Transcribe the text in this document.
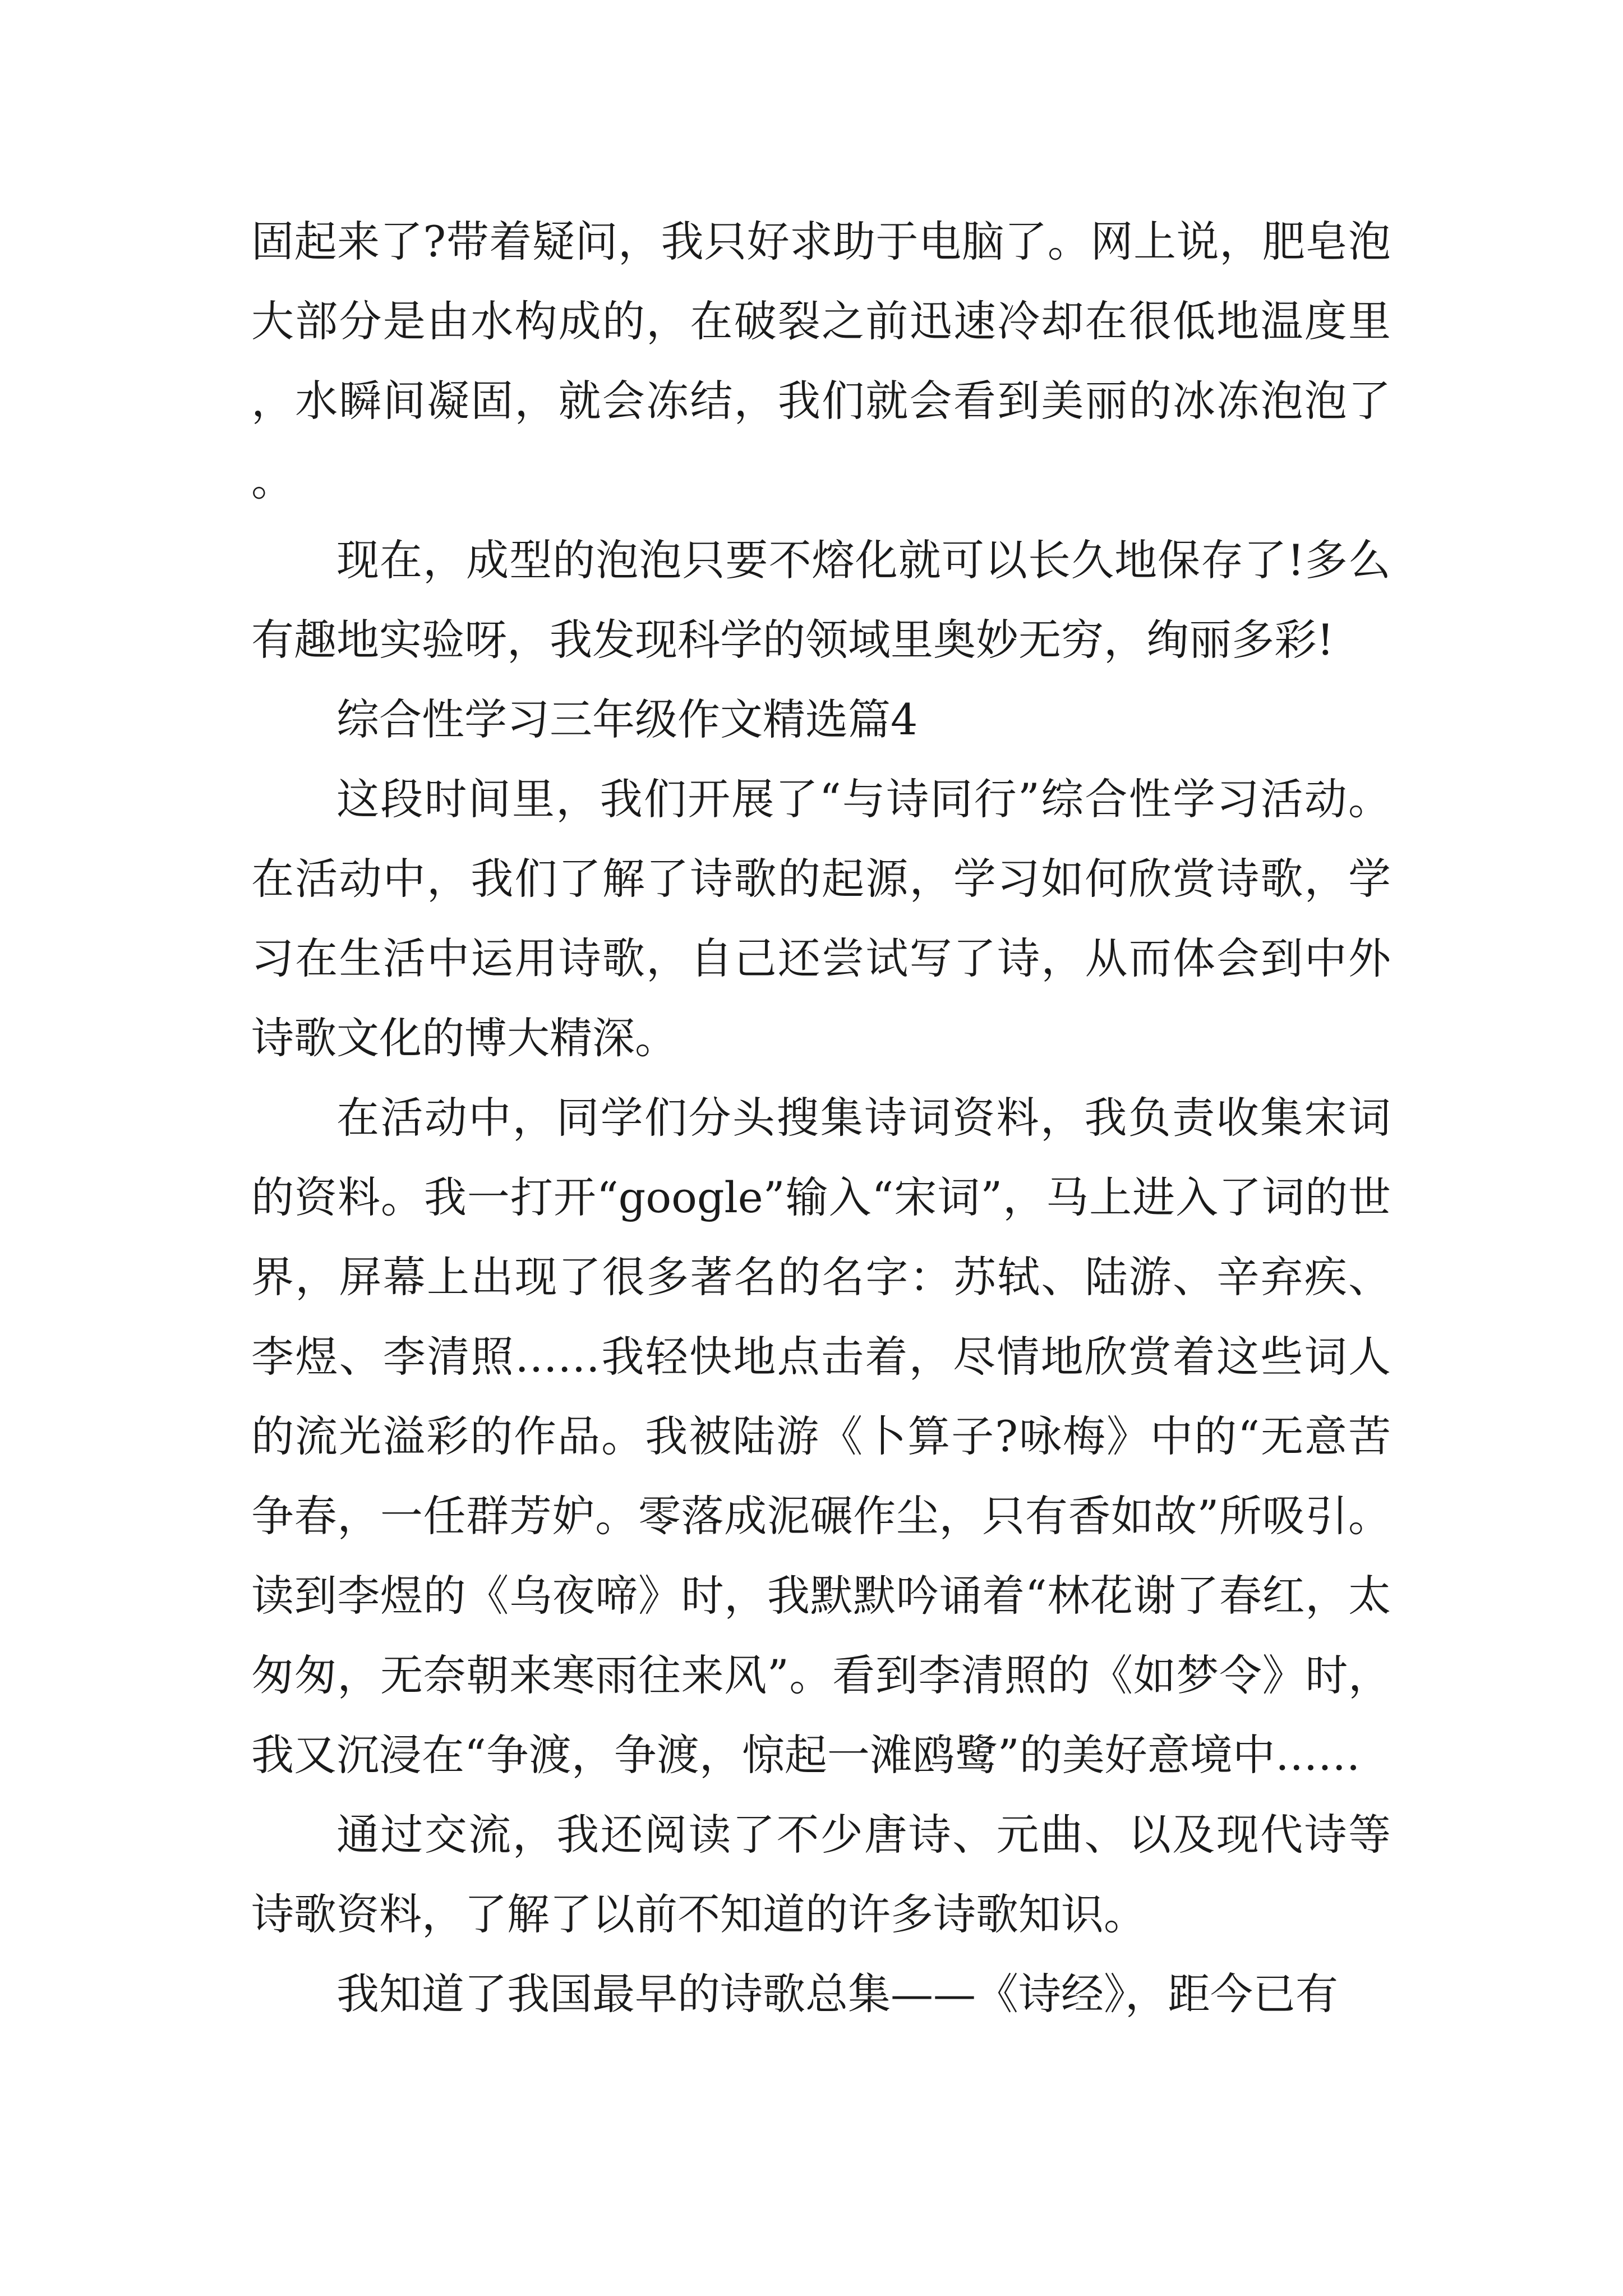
固起来了?带着疑问，我只好求助于电脑了。网上说，肥皂泡大部分是由水构成的，在破裂之前迅速冷却在很低地温度里，水瞬间凝固，就会冻结，我们就会看到美丽的冰冻泡泡了。

现在，成型的泡泡只要不熔化就可以长久地保存了!多么有趣地实验呀，我发现科学的领域里奥妙无穷，绚丽多彩!

综合性学习三年级作文精选篇4

这段时间里，我们开展了“与诗同行”综合性学习活动。在活动中，我们了解了诗歌的起源，学习如何欣赏诗歌，学习在生活中运用诗歌，自己还尝试写了诗，从而体会到中外诗歌文化的博大精深。

在活动中，同学们分头搜集诗词资料，我负责收集宋词的资料。我一打开“google”输入“宋词”，马上进入了词的世界，屏幕上出现了很多著名的名字：苏轼、陆游、辛弃疾、李煜、李清照……我轻快地点击着，尽情地欣赏着这些词人的流光溢彩的作品。我被陆游《卜算子?咏梅》中的“无意苦争春，一任群芳妒。零落成泥碾作尘，只有香如故”所吸引。读到李煜的《乌夜啼》时，我默默吟诵着“林花谢了春红，太匆匆，无奈朝来寒雨往来风”。看到李清照的《如梦令》时，我又沉浸在“争渡，争渡，惊起一滩鸥鹭”的美好意境中……

通过交流，我还阅读了不少唐诗、元曲、以及现代诗等诗歌资料，了解了以前不知道的许多诗歌知识。

我知道了我国最早的诗歌总集——《诗经》，距今已有
